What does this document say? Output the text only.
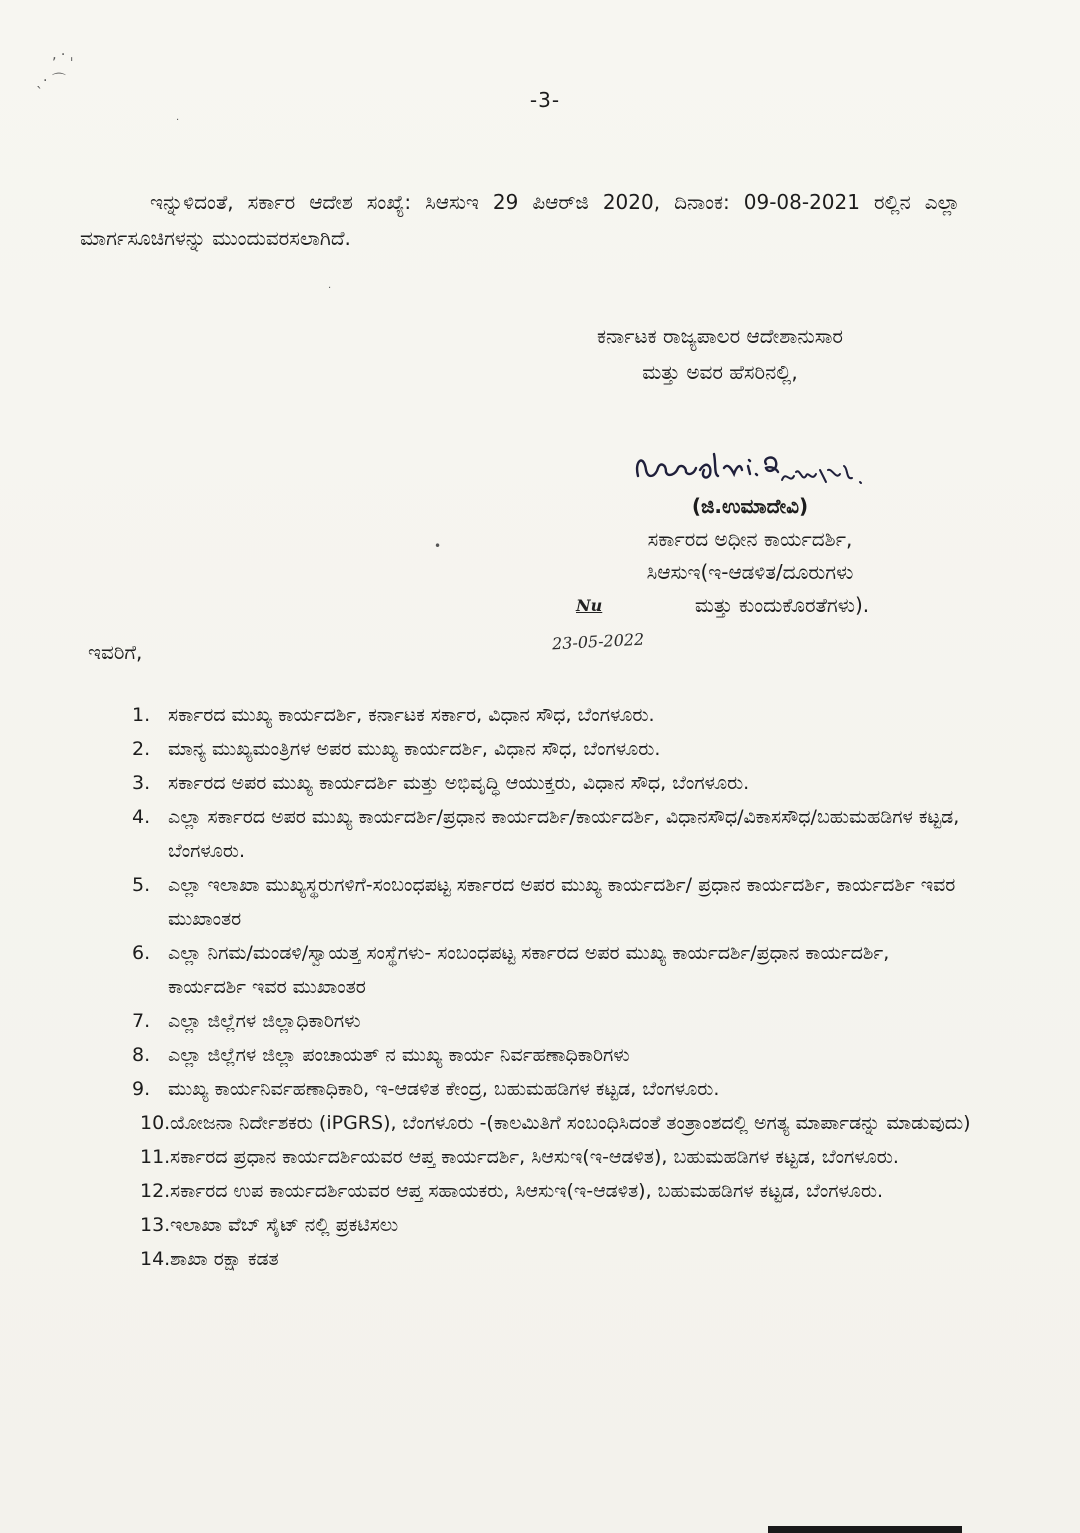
‚ · ˌ
ˎ· ⌒
·
·
•
-3-

ಇನ್ನುಳಿದಂತೆ, ಸರ್ಕಾರ ಆದೇಶ ಸಂಖ್ಯೆ: ಸಿಆಸುಇ 29 ಪಿಆರ್‌ಜಿ 2020, ದಿನಾಂಕ: 09-08-2021 ರಲ್ಲಿನ ಎಲ್ಲಾ ಮಾರ್ಗಸೂಚಿಗಳನ್ನು ಮುಂದುವರಸಲಾಗಿದೆ.

ಕರ್ನಾಟಕ ರಾಜ್ಯಪಾಲರ ಆದೇಶಾನುಸಾರ
ಮತ್ತು ಅವರ ಹೆಸರಿನಲ್ಲಿ,
(ಜಿ.ಉಮಾದೇವಿ)
ಸರ್ಕಾರದ ಅಧೀನ ಕಾರ್ಯದರ್ಶಿ,
ಸಿಆಸುಇ(ಇ-ಆಡಳಿತ/ದೂರುಗಳು
ಮತ್ತು ಕುಂದುಕೊರತೆಗಳು).
Nu
23-05-2022
ಇವರಿಗೆ,
1. ಸರ್ಕಾರದ ಮುಖ್ಯ ಕಾರ್ಯದರ್ಶಿ, ಕರ್ನಾಟಕ ಸರ್ಕಾರ, ವಿಧಾನ ಸೌಧ, ಬೆಂಗಳೂರು.
2. ಮಾನ್ಯ ಮುಖ್ಯಮಂತ್ರಿಗಳ ಅಪರ ಮುಖ್ಯ ಕಾರ್ಯದರ್ಶಿ, ವಿಧಾನ ಸೌಧ, ಬೆಂಗಳೂರು.
3. ಸರ್ಕಾರದ ಅಪರ ಮುಖ್ಯ ಕಾರ್ಯದರ್ಶಿ ಮತ್ತು ಅಭಿವೃದ್ಧಿ ಆಯುಕ್ತರು, ವಿಧಾನ ಸೌಧ, ಬೆಂಗಳೂರು.
4. ಎಲ್ಲಾ ಸರ್ಕಾರದ ಅಪರ ಮುಖ್ಯ ಕಾರ್ಯದರ್ಶಿ/ಪ್ರಧಾನ ಕಾರ್ಯದರ್ಶಿ/ಕಾರ್ಯದರ್ಶಿ, ವಿಧಾನಸೌಧ/ವಿಕಾಸಸೌಧ/ಬಹುಮಹಡಿಗಳ ಕಟ್ಟಡ, ಬೆಂಗಳೂರು.
5. ಎಲ್ಲಾ ಇಲಾಖಾ ಮುಖ್ಯಸ್ಥರುಗಳಿಗೆ-ಸಂಬಂಧಪಟ್ಟ ಸರ್ಕಾರದ ಅಪರ ಮುಖ್ಯ ಕಾರ್ಯದರ್ಶಿ/ ಪ್ರಧಾನ ಕಾರ್ಯದರ್ಶಿ, ಕಾರ್ಯದರ್ಶಿ ಇವರ ಮುಖಾಂತರ
6. ಎಲ್ಲಾ ನಿಗಮ/ಮಂಡಳಿ/ಸ್ವಾಯತ್ತ ಸಂಸ್ಥೆಗಳು- ಸಂಬಂಧಪಟ್ಟ ಸರ್ಕಾರದ ಅಪರ ಮುಖ್ಯ ಕಾರ್ಯದರ್ಶಿ/ಪ್ರಧಾನ ಕಾರ್ಯದರ್ಶಿ, ಕಾರ್ಯದರ್ಶಿ ಇವರ ಮುಖಾಂತರ
7. ಎಲ್ಲಾ ಜಿಲ್ಲೆಗಳ ಜಿಲ್ಲಾಧಿಕಾರಿಗಳು
8. ಎಲ್ಲಾ ಜಿಲ್ಲೆಗಳ ಜಿಲ್ಲಾ ಪಂಚಾಯತ್ ನ ಮುಖ್ಯ ಕಾರ್ಯ ನಿರ್ವಹಣಾಧಿಕಾರಿಗಳು
9. ಮುಖ್ಯ ಕಾರ್ಯನಿರ್ವಹಣಾಧಿಕಾರಿ, ಇ-ಆಡಳಿತ ಕೇಂದ್ರ, ಬಹುಮಹಡಿಗಳ ಕಟ್ಟಡ, ಬೆಂಗಳೂರು.
10. ಯೋಜನಾ ನಿರ್ದೇಶಕರು (iPGRS), ಬೆಂಗಳೂರು -(ಕಾಲಮಿತಿಗೆ ಸಂಬಂಧಿಸಿದಂತೆ ತಂತ್ರಾಂಶದಲ್ಲಿ ಅಗತ್ಯ ಮಾರ್ಪಾಡನ್ನು ಮಾಡುವುದು)
11. ಸರ್ಕಾರದ ಪ್ರಧಾನ ಕಾರ್ಯದರ್ಶಿಯವರ ಆಪ್ತ ಕಾರ್ಯದರ್ಶಿ, ಸಿಆಸುಇ(ಇ-ಆಡಳಿತ), ಬಹುಮಹಡಿಗಳ ಕಟ್ಟಡ, ಬೆಂಗಳೂರು.
12. ಸರ್ಕಾರದ ಉಪ ಕಾರ್ಯದರ್ಶಿಯವರ ಆಪ್ತ ಸಹಾಯಕರು, ಸಿಆಸುಇ(ಇ-ಆಡಳಿತ), ಬಹುಮಹಡಿಗಳ ಕಟ್ಟಡ, ಬೆಂಗಳೂರು.
13. ಇಲಾಖಾ ವೆಬ್ ಸೈಟ್ ನಲ್ಲಿ ಪ್ರಕಟಿಸಲು
14. ಶಾಖಾ ರಕ್ಷಾ ಕಡತ
